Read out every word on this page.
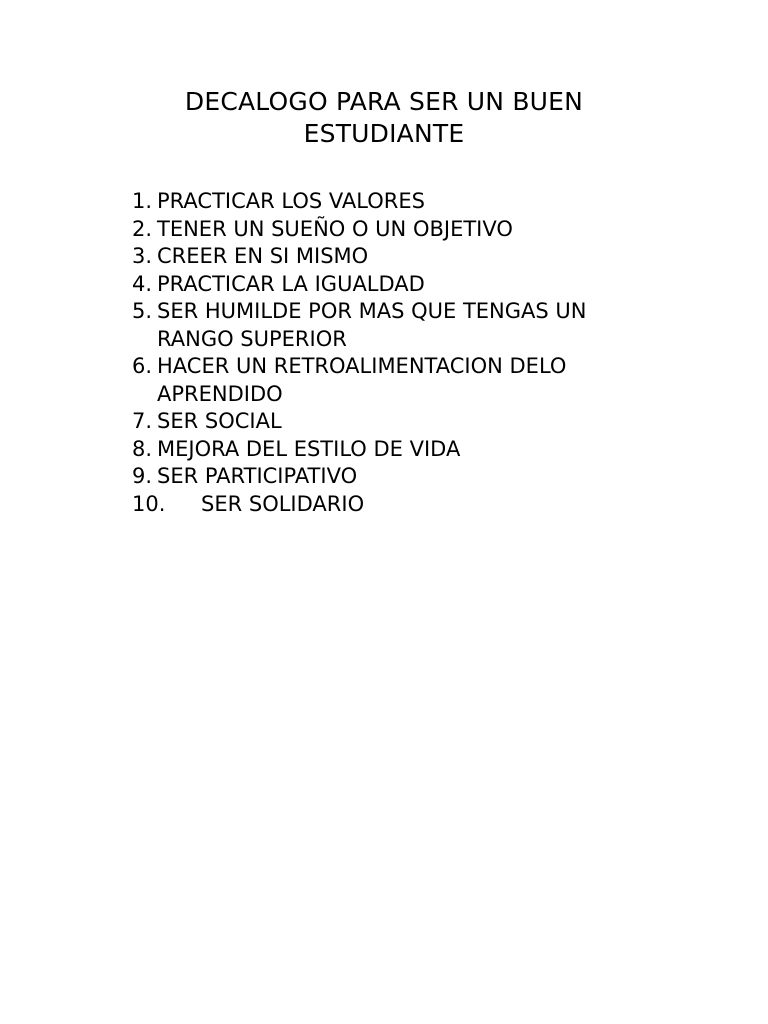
DECALOGO PARA SER UN BUEN ESTUDIANTE
1. PRACTICAR LOS VALORES
2. TENER UN SUEÑO O UN OBJETIVO
3. CREER EN SI MISMO
4. PRACTICAR LA IGUALDAD
5. SER HUMILDE POR MAS QUE TENGAS UN RANGO SUPERIOR
6. HACER UN RETROALIMENTACION DELO APRENDIDO
7. SER SOCIAL
8. MEJORA DEL ESTILO DE VIDA
9. SER PARTICIPATIVO
10.	SER SOLIDARIO
